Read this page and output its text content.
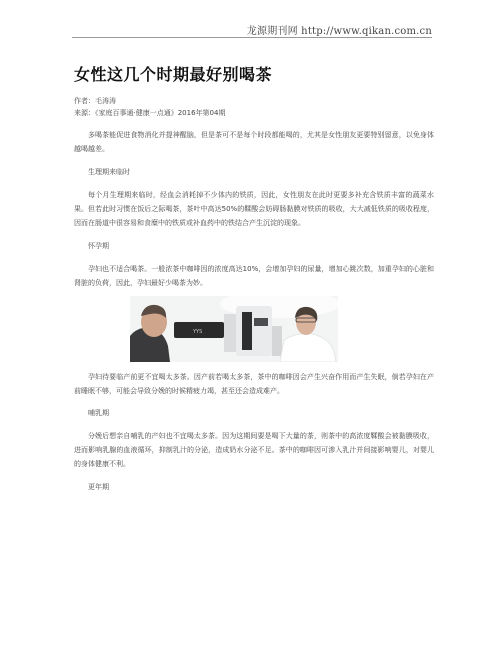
龙源期刊网 http://www.qikan.com.cn
女性这几个时期最好别喝茶
作者：毛涛涛
来源：《家庭百事通·健康一点通》2016年第04期

多喝茶能促进食物消化并提神醒脑，但是茶可不是每个时段都能喝的，尤其是女性朋友更要特别留意，以免身体越喝越差。

生理期来临时

每个月生理期来临时，经血会消耗掉不少体内的铁质，因此，女性朋友在此时更要多补充含铁质丰富的蔬菜水果。但若此时习惯在饭后之际喝茶，茶叶中高达50%的鞣酸会妨碍肠黏膜对铁质的吸收，大大减低铁质的吸收程度，因而在肠道中很容易和食糜中的铁质或补血药中的铁结合产生沉淀的现象。

怀孕期

孕妇也不适合喝茶。一般浓茶中咖啡因的浓度高达10%，会增加孕妇的尿量，增加心跳次数，加重孕妇的心脏和肾脏的负荷，因此，孕妇最好少喝茶为妙。

YYS

孕妇待要临产前更不宜喝太多茶。因产前若喝太多茶，茶中的咖啡因会产生兴奋作用而产生失眠，倘若孕妇在产前睡眠不够，可能会导致分娩的时候精疲力竭，甚至还会造成难产。

哺乳期

分娩后想亲自哺乳的产妇也不宜喝太多茶。因为这期间要是喝下大量的茶，则茶中的高浓度鞣酸会被黏膜吸收，进而影响乳腺的血液循环，抑制乳汁的分泌，造成奶水分泌不足。茶中的咖啡因可渗入乳汁并间接影响婴儿，对婴儿的身体健康不利。

更年期
